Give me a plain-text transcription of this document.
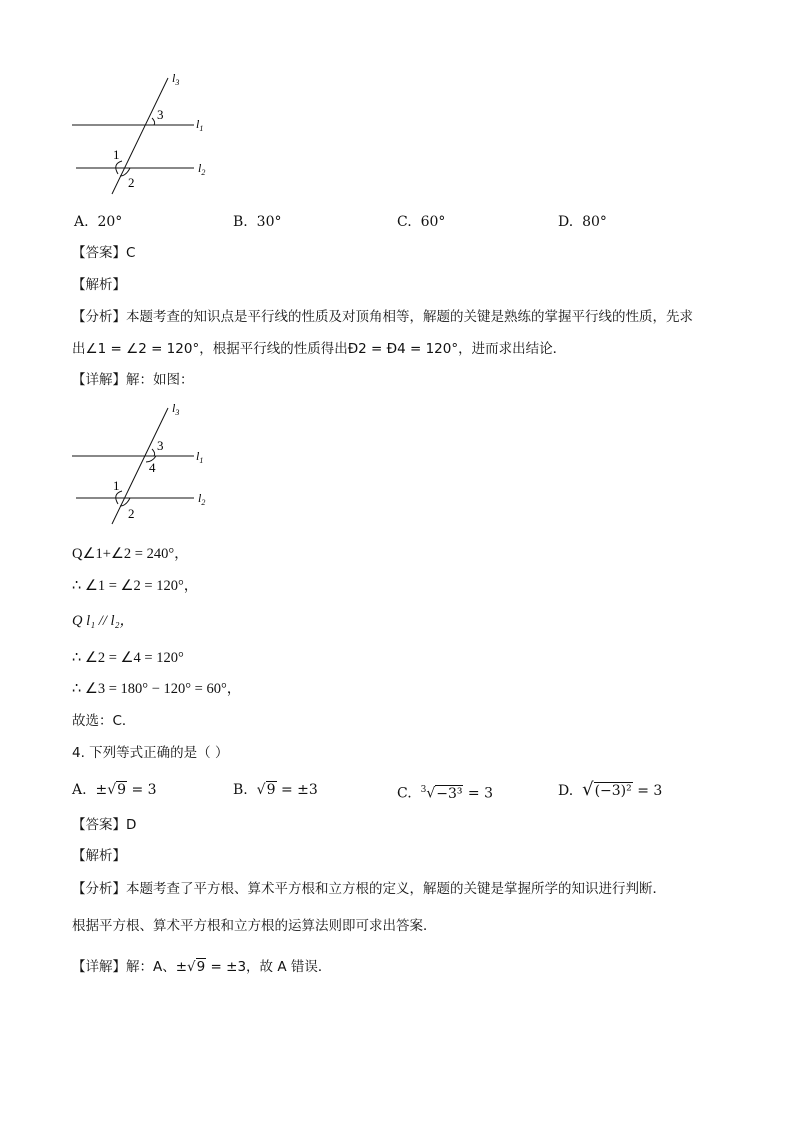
$l_3$
$l_1$
$l_2$
3
1
2
A. 20°	B. 30°	C. 60°	D. 80°
【答案】C
【解析】
【分析】本题考查的知识点是平行线的性质及对顶角相等，解题的关键是熟练的掌握平行线的性质，先求
出∠1 = ∠2 = 120°，根据平行线的性质得出Ð2 = Ð4 = 120°，进而求出结论．
【详解】解：如图：
$l_3$
$l_1$
$l_2$
3
4
1
2
Q∠1+∠2 = 240°，
∴ ∠1 = ∠2 = 120°，
Q l₁ // l₂，
∴ ∠2 = ∠4 = 120°
∴ ∠3 = 180° − 120° = 60°，
故选：C．
4. 下列等式正确的是（ ）
A. ±√9 = 3	B. √9 = ±3	C. $^3$√−3³ = 3	D. √(−3)² = 3
【答案】D
【解析】
【分析】本题考查了平方根、算术平方根和立方根的定义，解题的关键是掌握所学的知识进行判断．
根据平方根、算术平方根和立方根的运算法则即可求出答案．
【详解】解：A、±√9 = ±3，故 A 错误．
